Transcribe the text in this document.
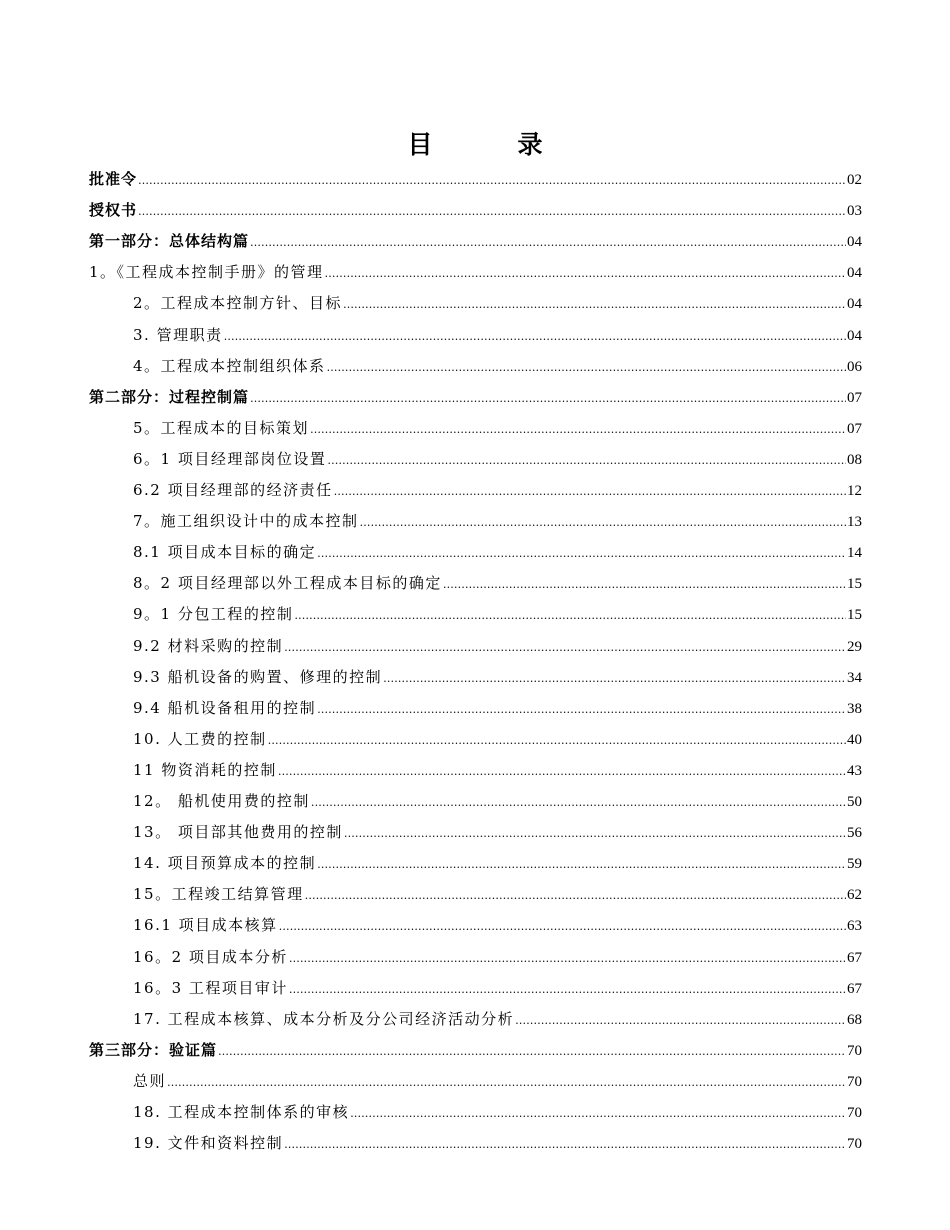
目　录
批准令 ……………………………………………………………………………………………………………………………………………………………………………………………………………………………………………………………………………	02
授权书 ……………………………………………………………………………………………………………………………………………………………………………………………………………………………………………………………………………	03
第一部分：总体结构篇 ……………………………………………………………………………………………………………………………………………………………………………………………………………………………………………………………………………	04
1。《工程成本控制手册》的管理 ……………………………………………………………………………………………………………………………………………………………………………………………………………………………………………………………………………	04
2。工程成本控制方针、目标 ……………………………………………………………………………………………………………………………………………………………………………………………………………………………………………………………………………	04
3. 管理职责 ……………………………………………………………………………………………………………………………………………………………………………………………………………………………………………………………………………	04
4。工程成本控制组织体系 ……………………………………………………………………………………………………………………………………………………………………………………………………………………………………………………………………………	06
第二部分：过程控制篇 ……………………………………………………………………………………………………………………………………………………………………………………………………………………………………………………………………………	07
5。工程成本的目标策划 ……………………………………………………………………………………………………………………………………………………………………………………………………………………………………………………………………………	07
6。1 项目经理部岗位设置 ……………………………………………………………………………………………………………………………………………………………………………………………………………………………………………………………………………	08
6.2 项目经理部的经济责任 ……………………………………………………………………………………………………………………………………………………………………………………………………………………………………………………………………………	12
7。施工组织设计中的成本控制 ……………………………………………………………………………………………………………………………………………………………………………………………………………………………………………………………………………	13
8.1 项目成本目标的确定 ……………………………………………………………………………………………………………………………………………………………………………………………………………………………………………………………………………	14
8。2 项目经理部以外工程成本目标的确定 ……………………………………………………………………………………………………………………………………………………………………………………………………………………………………………………………………………	15
9。1 分包工程的控制 ……………………………………………………………………………………………………………………………………………………………………………………………………………………………………………………………………………	15
9.2 材料采购的控制 ……………………………………………………………………………………………………………………………………………………………………………………………………………………………………………………………………………	29
9.3 船机设备的购置、修理的控制 ……………………………………………………………………………………………………………………………………………………………………………………………………………………………………………………………………………	34
9.4 船机设备租用的控制 ……………………………………………………………………………………………………………………………………………………………………………………………………………………………………………………………………………	38
10. 人工费的控制 ……………………………………………………………………………………………………………………………………………………………………………………………………………………………………………………………………………	40
11 物资消耗的控制 ……………………………………………………………………………………………………………………………………………………………………………………………………………………………………………………………………………	43
12。 船机使用费的控制 ……………………………………………………………………………………………………………………………………………………………………………………………………………………………………………………………………………	50
13。 项目部其他费用的控制 ……………………………………………………………………………………………………………………………………………………………………………………………………………………………………………………………………………	56
14. 项目预算成本的控制 ……………………………………………………………………………………………………………………………………………………………………………………………………………………………………………………………………………	59
15。工程竣工结算管理 ……………………………………………………………………………………………………………………………………………………………………………………………………………………………………………………………………………	62
16.1 项目成本核算 ……………………………………………………………………………………………………………………………………………………………………………………………………………………………………………………………………………	63
16。2 项目成本分析 ……………………………………………………………………………………………………………………………………………………………………………………………………………………………………………………………………………	67
16。3 工程项目审计 ……………………………………………………………………………………………………………………………………………………………………………………………………………………………………………………………………………	67
17. 工程成本核算、成本分析及分公司经济活动分析 ……………………………………………………………………………………………………………………………………………………………………………………………………………………………………………………………………………	68
第三部分：验证篇 ……………………………………………………………………………………………………………………………………………………………………………………………………………………………………………………………………………	70
总则 ……………………………………………………………………………………………………………………………………………………………………………………………………………………………………………………………………………	70
18. 工程成本控制体系的审核 ……………………………………………………………………………………………………………………………………………………………………………………………………………………………………………………………………………	70
19. 文件和资料控制 ……………………………………………………………………………………………………………………………………………………………………………………………………………………………………………………………………………	70
